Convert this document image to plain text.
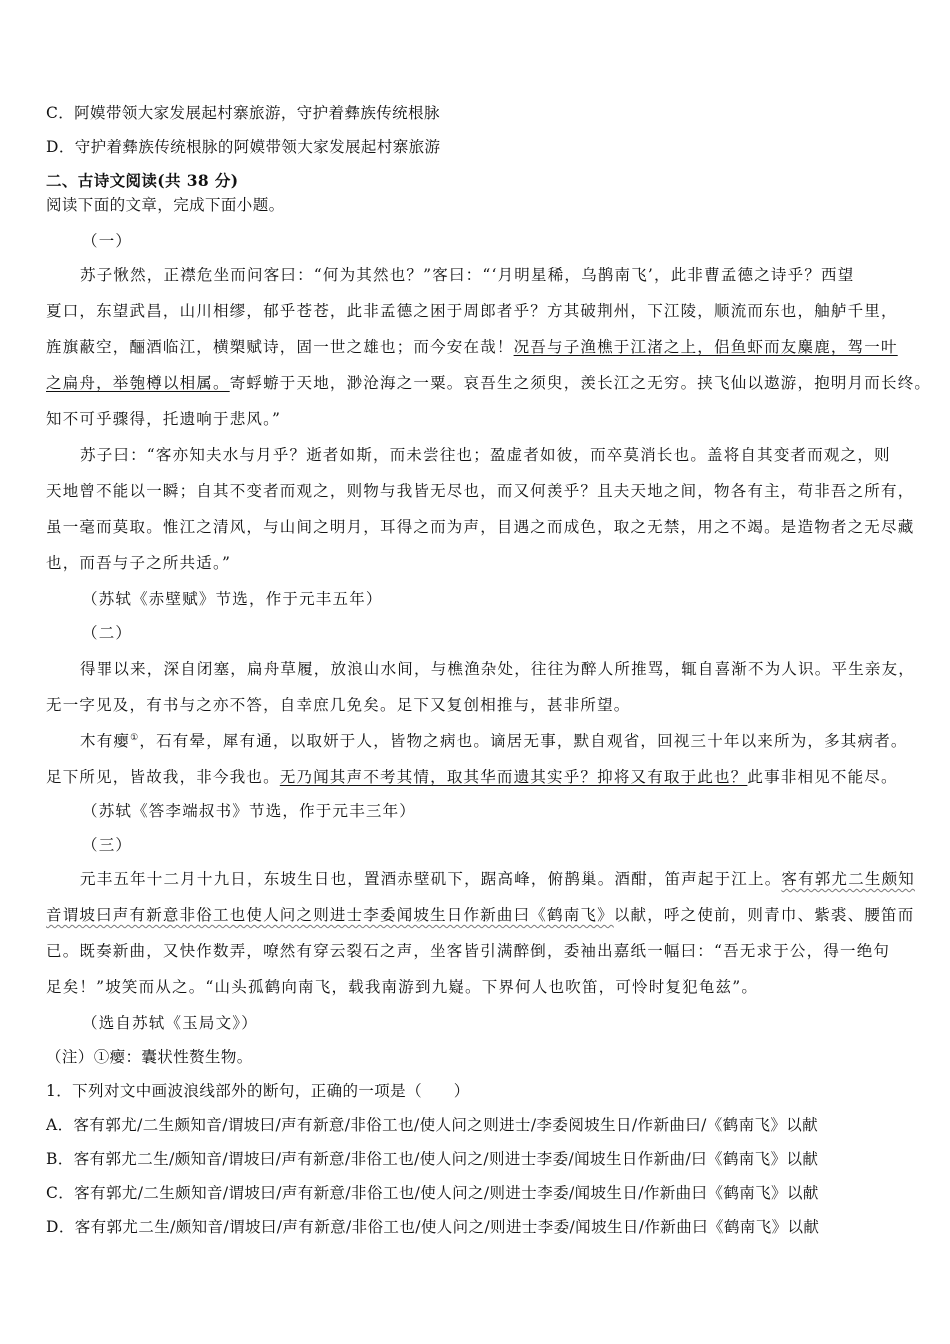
C．阿嫫带领大家发展起村寨旅游，守护着彝族传统根脉
D．守护着彝族传统根脉的阿嫫带领大家发展起村寨旅游
二、古诗文阅读(共 38 分)
阅读下面的文章，完成下面小题。
（一）
苏子愀然，正襟危坐而问客曰：“何为其然也？”客曰：“‘月明星稀，乌鹊南飞’，此非曹孟德之诗乎？西望
夏口，东望武昌，山川相缪，郁乎苍苍，此非孟德之困于周郎者乎？方其破荆州，下江陵，顺流而东也，舳舻千里，
旌旗蔽空，酾酒临江，横槊赋诗，固一世之雄也；而今安在哉！况吾与子渔樵于江渚之上，侣鱼虾而友麋鹿，驾一叶
之扁舟，举匏樽以相属。寄蜉蝣于天地，渺沧海之一粟。哀吾生之须臾，羡长江之无穷。挟飞仙以遨游，抱明月而长终。
知不可乎骤得，托遗响于悲风。”
苏子曰：“客亦知夫水与月乎？逝者如斯，而未尝往也；盈虚者如彼，而卒莫消长也。盖将自其变者而观之，则
天地曾不能以一瞬；自其不变者而观之，则物与我皆无尽也，而又何羡乎？且夫天地之间，物各有主，苟非吾之所有，
虽一毫而莫取。惟江之清风，与山间之明月，耳得之而为声，目遇之而成色，取之无禁，用之不竭。是造物者之无尽藏
也，而吾与子之所共适。”
（苏轼《赤壁赋》节选，作于元丰五年）
（二）
得罪以来，深自闭塞，扁舟草履，放浪山水间，与樵渔杂处，往往为醉人所推骂，辄自喜渐不为人识。平生亲友，
无一字见及，有书与之亦不答，自幸庶几免矣。足下又复创相推与，甚非所望。
木有瘿①，石有晕，犀有通，以取妍于人，皆物之病也。谪居无事，默自观省，回视三十年以来所为，多其病者。
足下所见，皆故我，非今我也。无乃闻其声不考其情，取其华而遗其实乎？抑将又有取于此也？此事非相见不能尽。
（苏轼《答李端叔书》节选，作于元丰三年）
（三）
元丰五年十二月十九日，东坡生日也，置酒赤壁矶下，踞高峰，俯鹊巢。酒酣，笛声起于江上。客有郭尤二生颇知
音谓坡曰声有新意非俗工也使人问之则进士李委闻坡生日作新曲曰《鹤南飞》以献，呼之使前，则青巾、紫裘、腰笛而
已。既奏新曲，又快作数弄，嘹然有穿云裂石之声，坐客皆引满醉倒，委袖出嘉纸一幅曰：“吾无求于公，得一绝句
足矣！”坡笑而从之。“山头孤鹤向南飞，载我南游到九嶷。下界何人也吹笛，可怜时复犯龟兹”。
（选自苏轼《玉局文》）
（注）①瘿：囊状性赘生物。
1．下列对文中画波浪线部外的断句，正确的一项是（　　）
A．客有郭尤/二生颇知音/谓坡曰/声有新意/非俗工也/使人问之则进士/李委阅坡生日/作新曲曰/《鹤南飞》以献
B．客有郭尤二生/颇知音/谓坡曰/声有新意/非俗工也/使人问之/则进士李委/闻坡生日作新曲/曰《鹤南飞》以献
C．客有郭尤/二生颇知音/谓坡曰/声有新意/非俗工也/使人问之/则进士李委/闻坡生日/作新曲曰《鹤南飞》以献
D．客有郭尤二生/颇知音/谓坡曰/声有新意/非俗工也/使人问之/则进士李委/闻坡生日/作新曲曰《鹤南飞》以献
